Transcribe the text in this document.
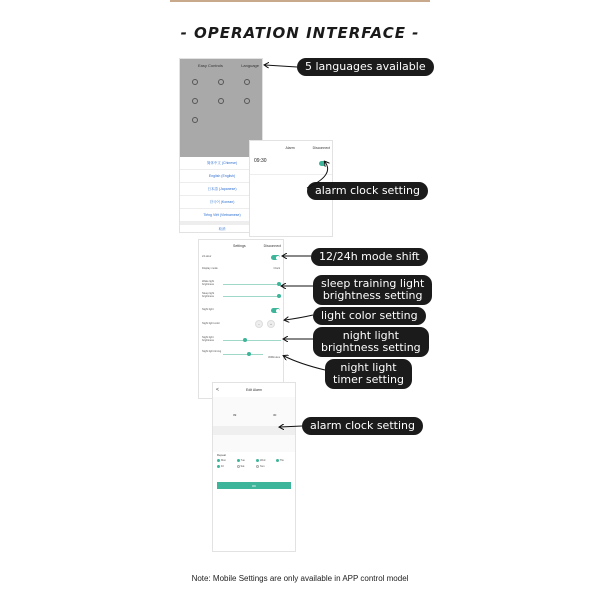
- OPERATION INTERFACE -
Easy Controls	Language
简体中文 (Chinese)
English (English)
日本語 (Japanese)
한국어 (Korean)
Tiếng Việt (Vietnamese)
取消
Alarm	Disconnect
09:30
Settings	Disconnect
24-Hour
Display mode	Clock
Wake light brightness
Sleep light brightness
Night light
Night light color	−	+
Night light brightness
Night light timing
30Minutes
<	Edit Alarm
09	30
Repeat
Mon	Tue	Wed	Thu
Fri	Sat	Sun
OK
5 languages available
alarm clock setting
12/24h mode shift
sleep training light
brightness setting
light color setting
night light
brightness setting
night light
timer setting
alarm clock setting
Note: Mobile Settings are only available in APP control model
